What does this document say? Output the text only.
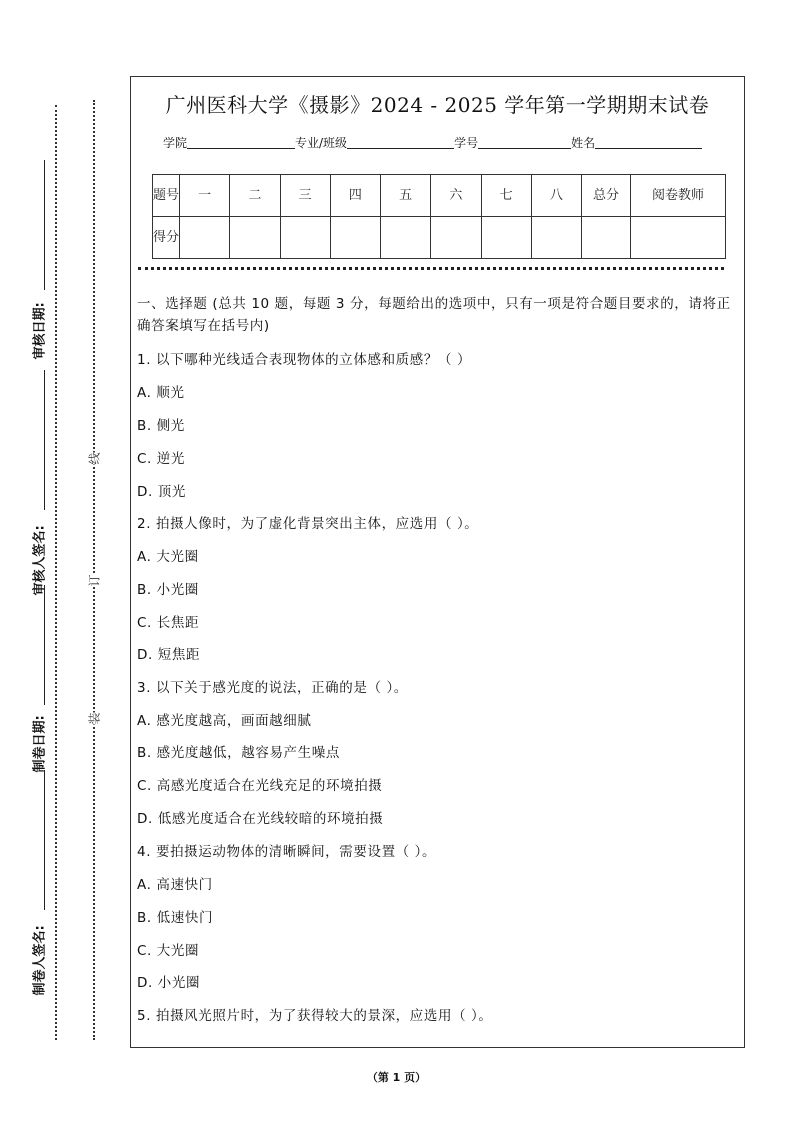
审核日期:
审核人签名:
制卷日期:
制卷人签名:
线
订
装
广州医科大学《摄影》2024 - 2025 学年第一学期期末试卷
学院	专业/班级	学号	姓名
题号	一	二	三	四	五	六	七	八	总分	阅卷教师
得分										
一、选择题 (总共 10 题，每题 3 分，每题给出的选项中，只有一项是符合题目要求的，请将正确答案填写在括号内)
1. 以下哪种光线适合表现物体的立体感和质感？（ ）
A. 顺光
B. 侧光
C. 逆光
D. 顶光
2. 拍摄人像时，为了虚化背景突出主体，应选用（ ）。
A. 大光圈
B. 小光圈
C. 长焦距
D. 短焦距
3. 以下关于感光度的说法，正确的是（ ）。
A. 感光度越高，画面越细腻
B. 感光度越低，越容易产生噪点
C. 高感光度适合在光线充足的环境拍摄
D. 低感光度适合在光线较暗的环境拍摄
4. 要拍摄运动物体的清晰瞬间，需要设置（ ）。
A. 高速快门
B. 低速快门
C. 大光圈
D. 小光圈
5. 拍摄风光照片时，为了获得较大的景深，应选用（ ）。
（第 1 页）
